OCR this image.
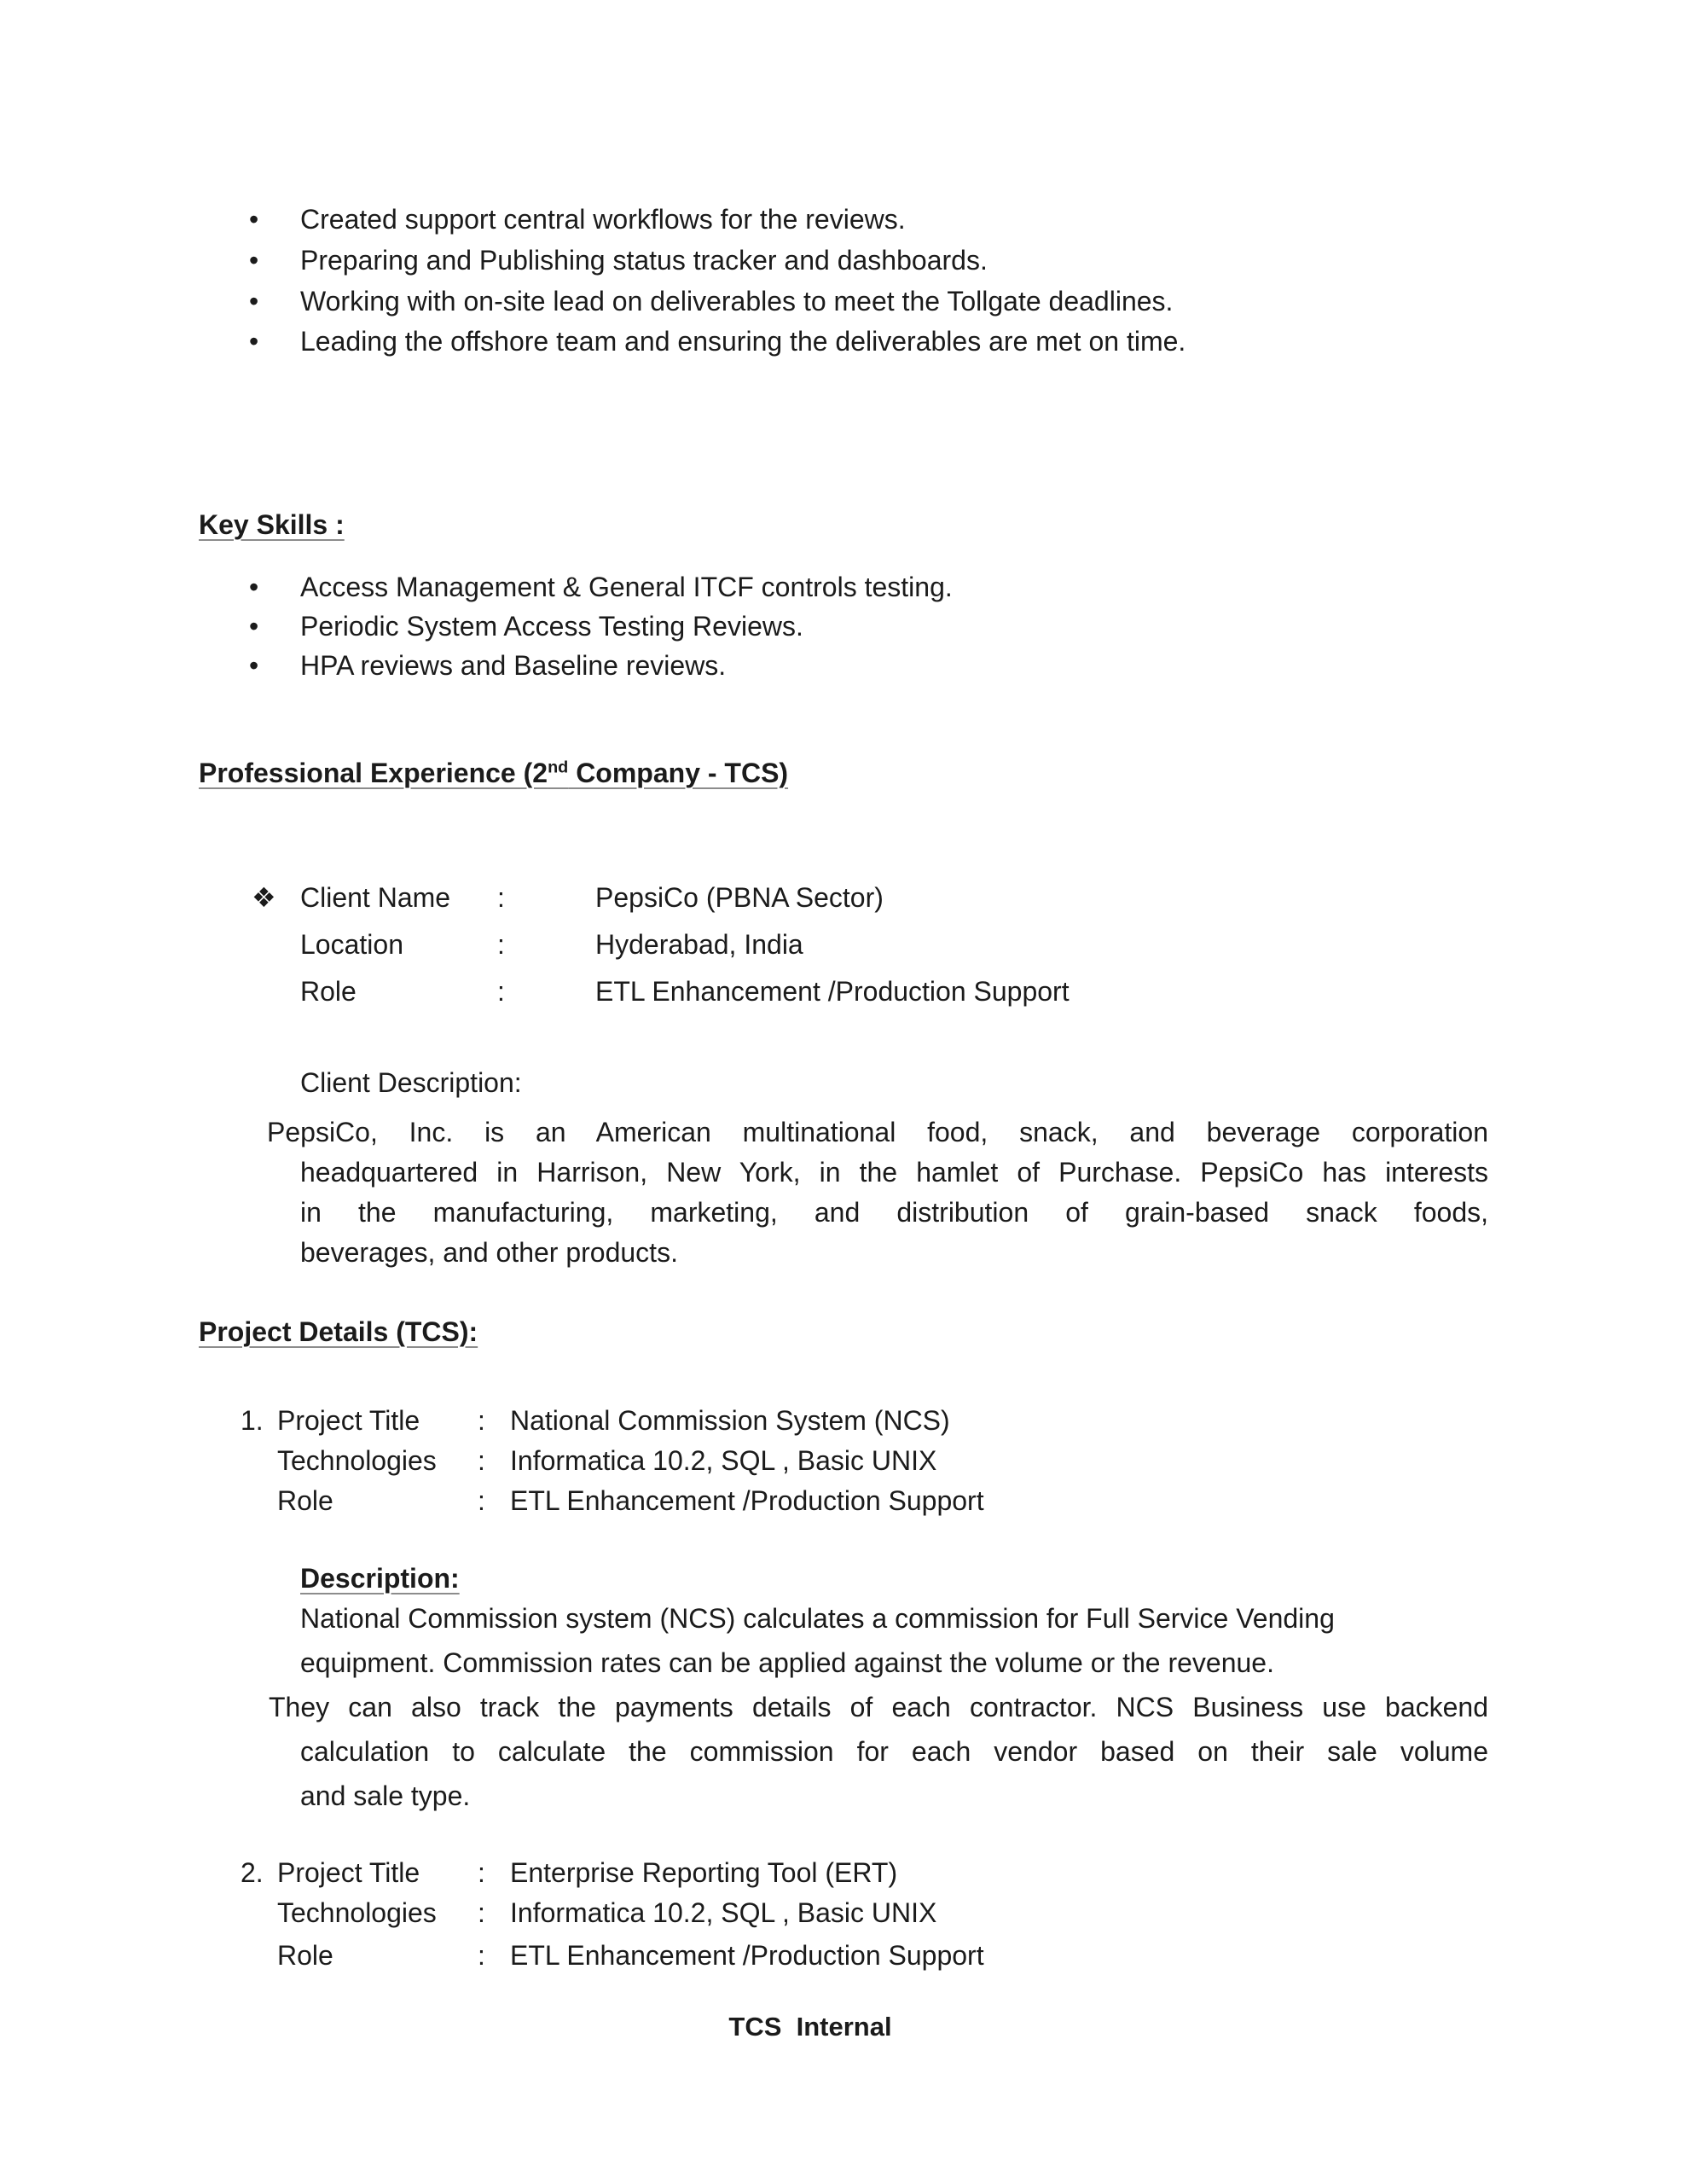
•	Created support central workflows for the reviews.
•	Preparing and Publishing status tracker and dashboards.
•	Working with on-site lead on deliverables to meet the Tollgate deadlines.
•	Leading the offshore team and ensuring the deliverables are met on time.
Key Skills :
•	Access Management & General ITCF controls testing.
•	Periodic System Access Testing Reviews.
•	HPA reviews and Baseline reviews.
Professional Experience (2nd Company - TCS)
❖ Client Name	:	PepsiCo (PBNA Sector)
Location	:	Hyderabad, India
Role	:	ETL Enhancement /Production Support
Client Description:
PepsiCo, Inc. is an American multinational food, snack, and beverage corporation
headquartered in Harrison, New York, in the hamlet of Purchase. PepsiCo has interests
in the manufacturing, marketing, and distribution of grain-based snack foods,
beverages, and other products.
Project Details (TCS):
1. Project Title	: National Commission System (NCS)
Technologies	: Informatica 10.2, SQL , Basic UNIX
Role	: ETL Enhancement /Production Support
Description:
National Commission system (NCS) calculates a commission for Full Service Vending
equipment. Commission rates can be applied against the volume or the revenue.
They can also track the payments details of each contractor. NCS Business use backend
calculation to calculate the commission for each vendor based on their sale volume
and sale type.
2. Project Title	: Enterprise Reporting Tool (ERT)
Technologies	: Informatica 10.2, SQL , Basic UNIX
Role	: ETL Enhancement /Production Support
TCS  Internal
